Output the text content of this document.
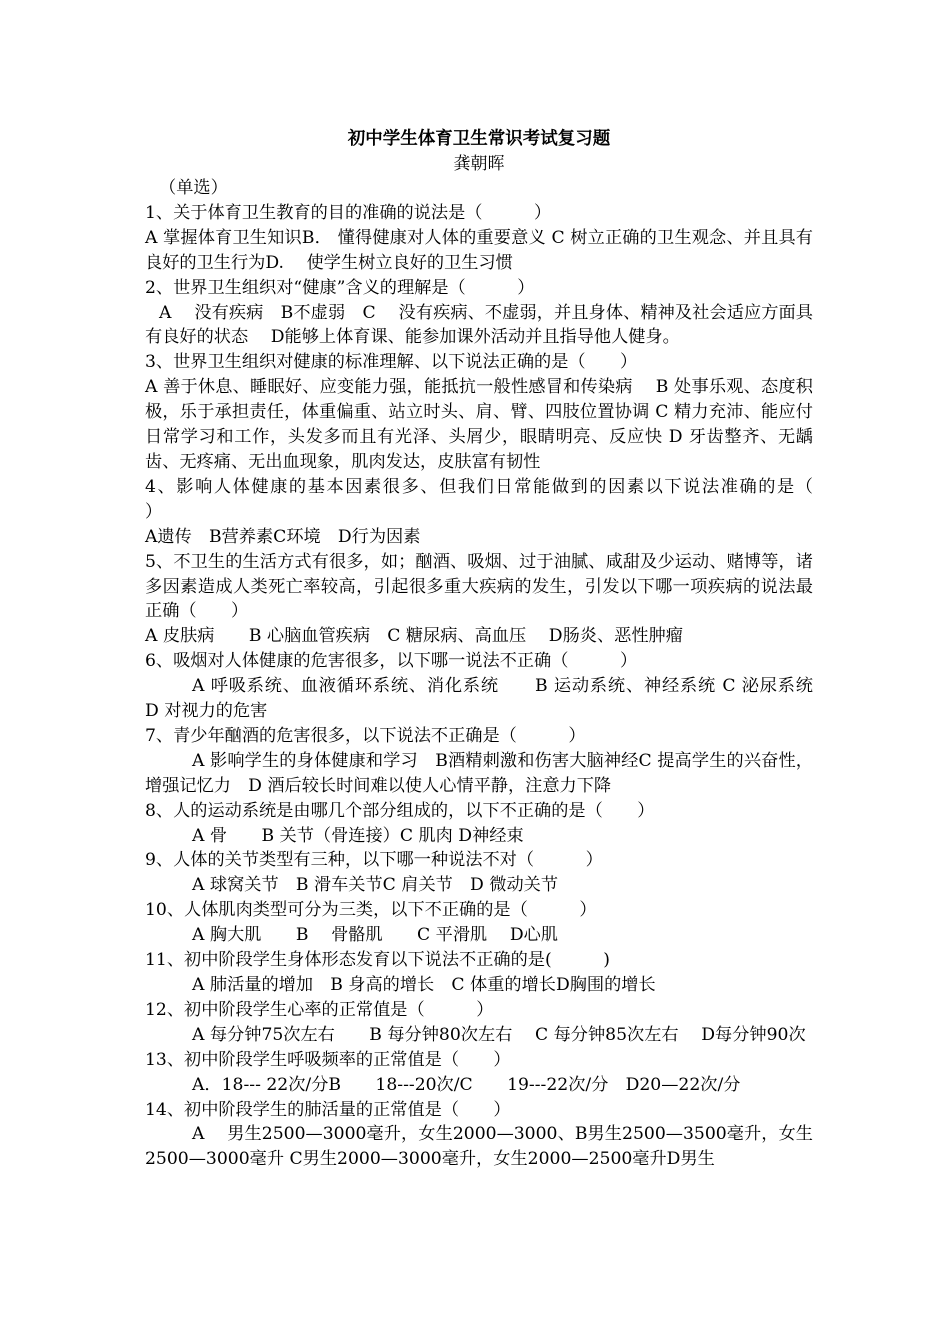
初中学生体育卫生常识考试复习题

龚朝晖

（单选）

1、关于体育卫生教育的目的准确的说法是（　　　）

A 掌握体育卫生知识B． 懂得健康对人体的重要意义 C 树立正确的卫生观念、并且具有良好的卫生行为D.　 使学生树立良好的卫生习惯

2、世界卫生组织对“健康”含义的理解是（　　　）

A　 没有疾病　B不虚弱　C　 没有疾病、不虚弱，并且身体、精神及社会适应方面具有良好的状态　 D能够上体育课、能参加课外活动并且指导他人健身。

3、世界卫生组织对健康的标准理解、以下说法正确的是（　　）

A 善于休息、睡眠好、应变能力强，能抵抗一般性感冒和传染病　 B 处事乐观、态度积极，乐于承担责任，体重偏重、站立时头、肩、臂、四肢位置协调 C 精力充沛、能应付日常学习和工作，头发多而且有光泽、头屑少，眼睛明亮、反应快 D 牙齿整齐、无龋齿、无疼痛、无出血现象，肌肉发达，皮肤富有韧性

4、影响人体健康的基本因素很多、但我们日常能做到的因素以下说法准确的是（　　　）

A遗传　B营养素C环境　D行为因素

5、不卫生的生活方式有很多，如；酗酒、吸烟、过于油腻、咸甜及少运动、赌博等，诸多因素造成人类死亡率较高，引起很多重大疾病的发生，引发以下哪一项疾病的说法最正确（　　）

A 皮肤病　　B 心脑血管疾病　C 糖尿病、高血压　 D肠炎、恶性肿瘤

6、吸烟对人体健康的危害很多，以下哪一说法不正确（　　　）

A 呼吸系统、血液循环系统、消化系统　　B 运动系统、神经系统 C 泌尿系统　 D 对视力的危害

7、青少年酗酒的危害很多，以下说法不正确是（　　　）

A 影响学生的身体健康和学习　B酒精刺激和伤害大脑神经C 提高学生的兴奋性，增强记忆力　D 酒后较长时间难以使人心情平静，注意力下降

8、人的运动系统是由哪几个部分组成的，以下不正确的是（　　）

A 骨　　B 关节（骨连接）C 肌肉 D神经束

9、人体的关节类型有三种，以下哪一种说法不对（　　　）

A 球窝关节　B 滑车关节C 肩关节　D 微动关节

10、人体肌肉类型可分为三类，以下不正确的是（　　　）

A 胸大肌　　B　 骨骼肌　　C 平滑肌　 D心肌

11、初中阶段学生身体形态发育以下说法不正确的是(　　　)

A 肺活量的增加　B 身高的增长　C 体重的增长D胸围的增长

12、初中阶段学生心率的正常值是（　　　）

A 每分钟75次左右　　B 每分钟80次左右　 C 每分钟85次左右　 D每分钟90次

13、初中阶段学生呼吸频率的正常值是（　　）

A．18--- 22次/分B　　18---20次/C　　19---22次/分　D20—22次/分

14、初中阶段学生的肺活量的正常值是（　　）

A　 男生2500—3000毫升，女生2000—3000、B男生2500—3500毫升，女生2500—3000毫升 C男生2000—3000毫升，女生2000—2500毫升D男生
